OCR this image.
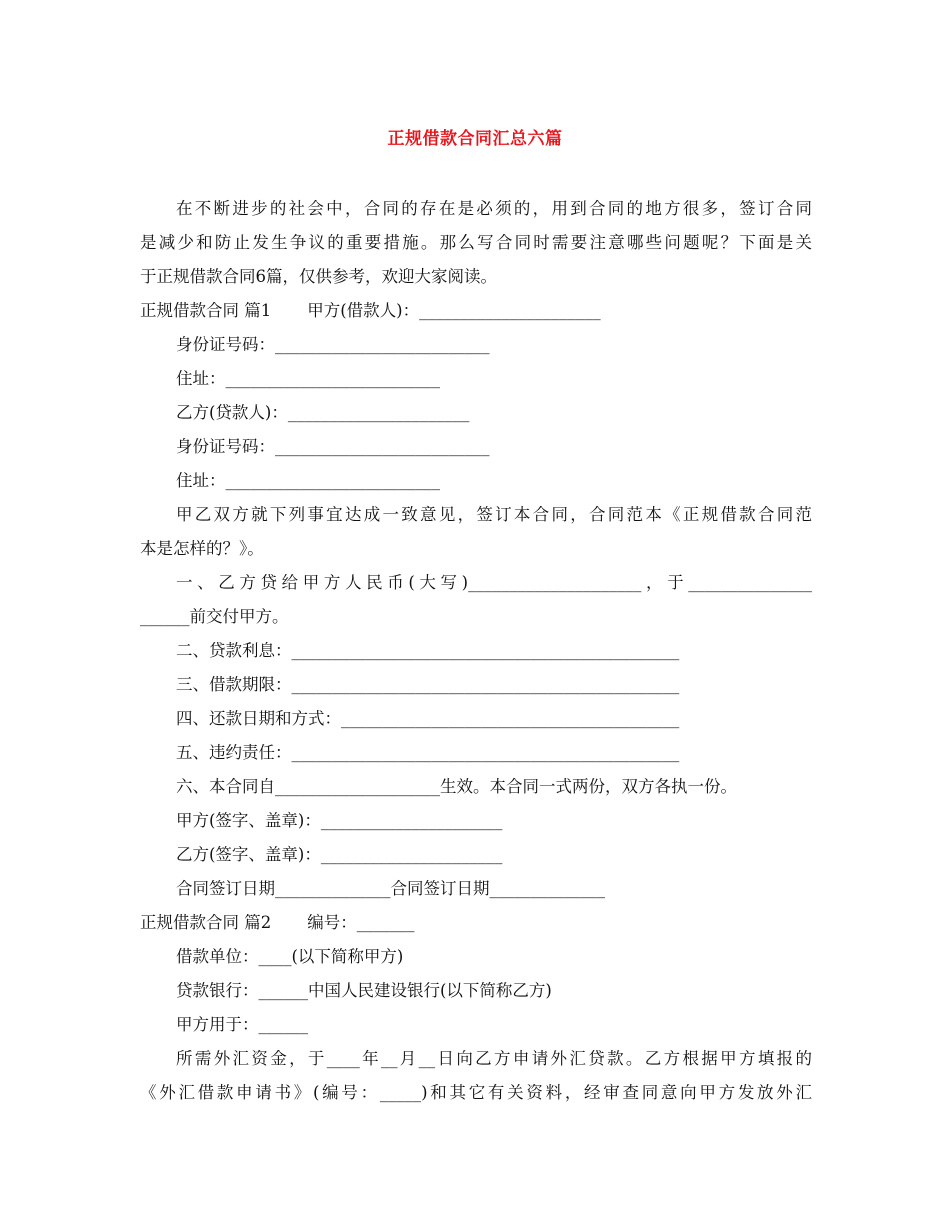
正规借款合同汇总六篇
在不断进步的社会中，合同的存在是必须的，用到合同的地方很多，签订合同
是减少和防止发生争议的重要措施。那么写合同时需要注意哪些问题呢？下面是关
于正规借款合同6篇，仅供参考，欢迎大家阅读。
正规借款合同 篇1 甲方(借款人)：______________________
身份证号码：__________________________
住址：__________________________
乙方(贷款人)：______________________
身份证号码：__________________________
住址：__________________________
甲乙双方就下列事宜达成一致意见，签订本合同，合同范本《正规借款合同范
本是怎样的？》。
一、乙方贷给甲方人民币(大写)_____________________，于_______________
______前交付甲方。
二、贷款利息：_______________________________________________
三、借款期限：_______________________________________________
四、还款日期和方式：_________________________________________
五、违约责任：_______________________________________________
六、本合同自____________________生效。本合同一式两份，双方各执一份。
甲方(签字、盖章)：______________________
乙方(签字、盖章)：______________________
合同签订日期______________合同签订日期______________
正规借款合同 篇2 编号：_______
借款单位：____(以下简称甲方)
贷款银行：______中国人民建设银行(以下简称乙方)
甲方用于：______
所需外汇资金，于____年__月__日向乙方申请外汇贷款。乙方根据甲方填报的
《外汇借款申请书》(编号：_____)和其它有关资料，经审查同意向甲方发放外汇
